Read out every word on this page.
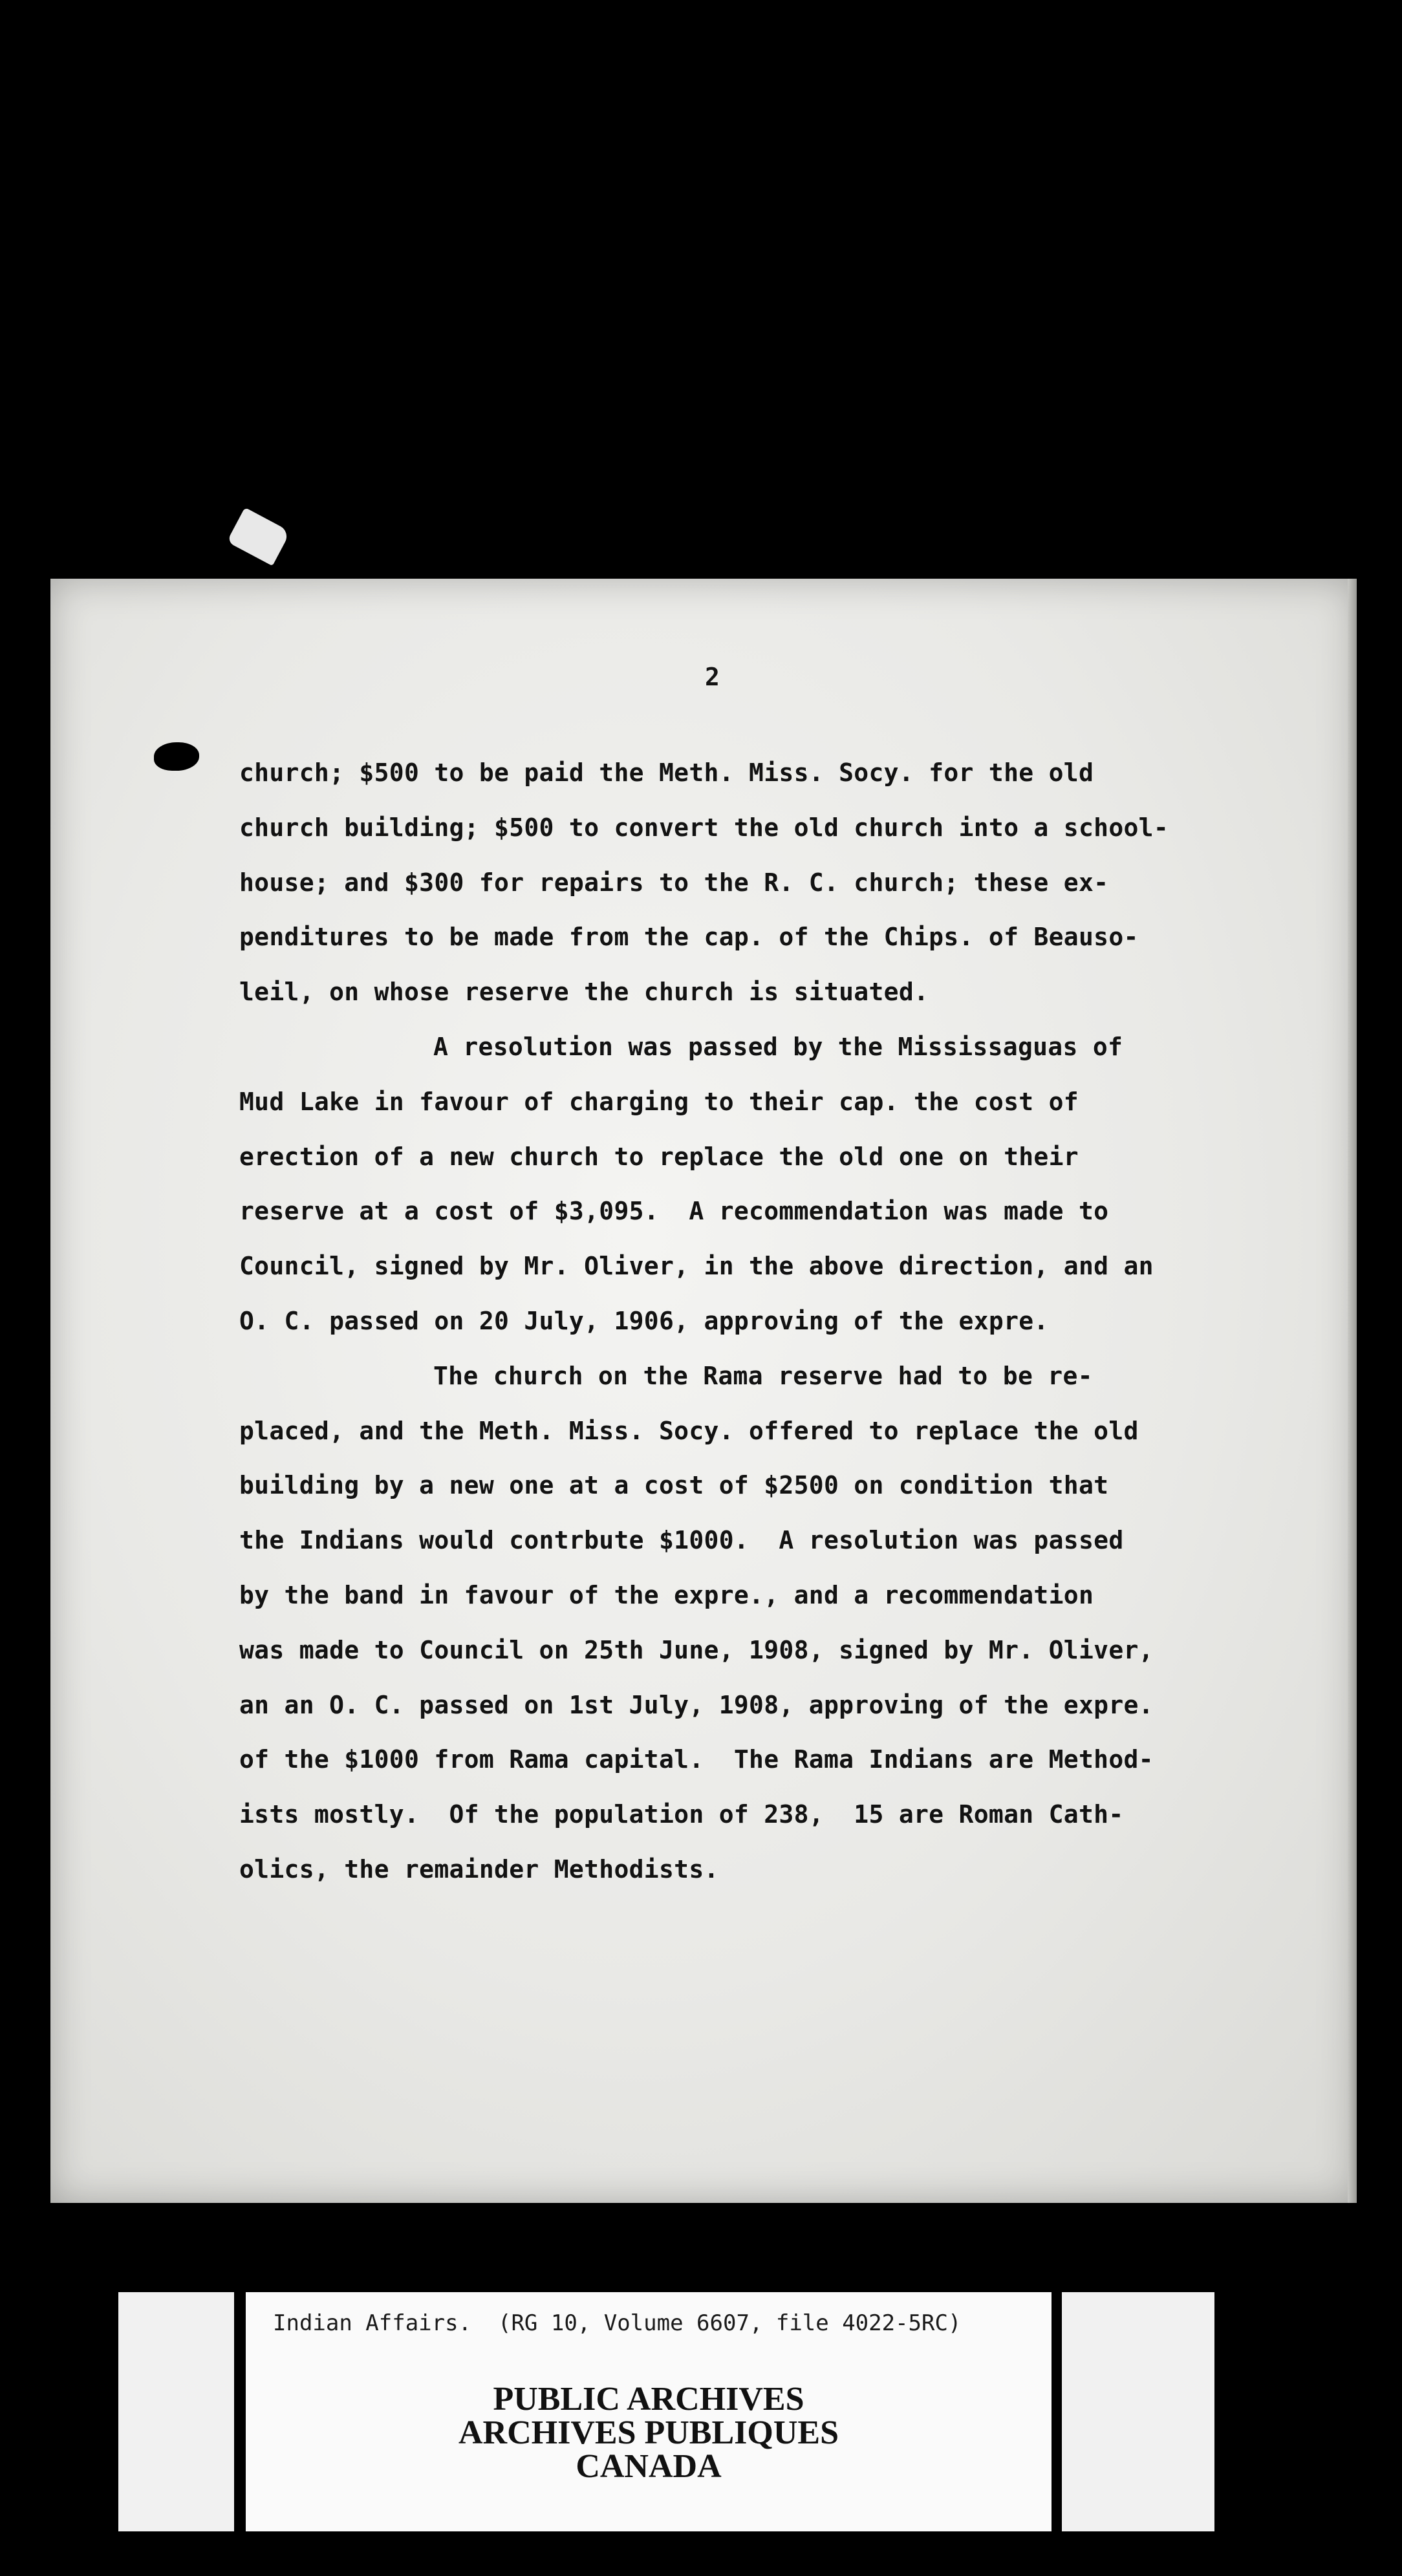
2
church; $500 to be paid the Meth. Miss. Socy. for the old
church building; $500 to convert the old church into a school-
house; and $300 for repairs to the R. C. church; these ex-
penditures to be made from the cap. of the Chips. of Beauso-
leil, on whose reserve the church is situated.
A resolution was passed by the Mississaguas of
Mud Lake in favour of charging to their cap. the cost of
erection of a new church to replace the old one on their
reserve at a cost of $3,095.  A recommendation was made to
Council, signed by Mr. Oliver, in the above direction, and an
O. C. passed on 20 July, 1906, approving of the expre.
The church on the Rama reserve had to be re-
placed, and the Meth. Miss. Socy. offered to replace the old
building by a new one at a cost of $2500 on condition that
the Indians would contrbute $1000.  A resolution was passed
by the band in favour of the expre., and a recommendation
was made to Council on 25th June, 1908, signed by Mr. Oliver,
an an O. C. passed on 1st July, 1908, approving of the expre.
of the $1000 from Rama capital.  The Rama Indians are Method-
ists mostly.  Of the population of 238,  15 are Roman Cath-
olics, the remainder Methodists.
Indian Affairs.  (RG 10, Volume 6607, file 4022-5RC)
PUBLIC ARCHIVES
ARCHIVES PUBLIQUES
CANADA
